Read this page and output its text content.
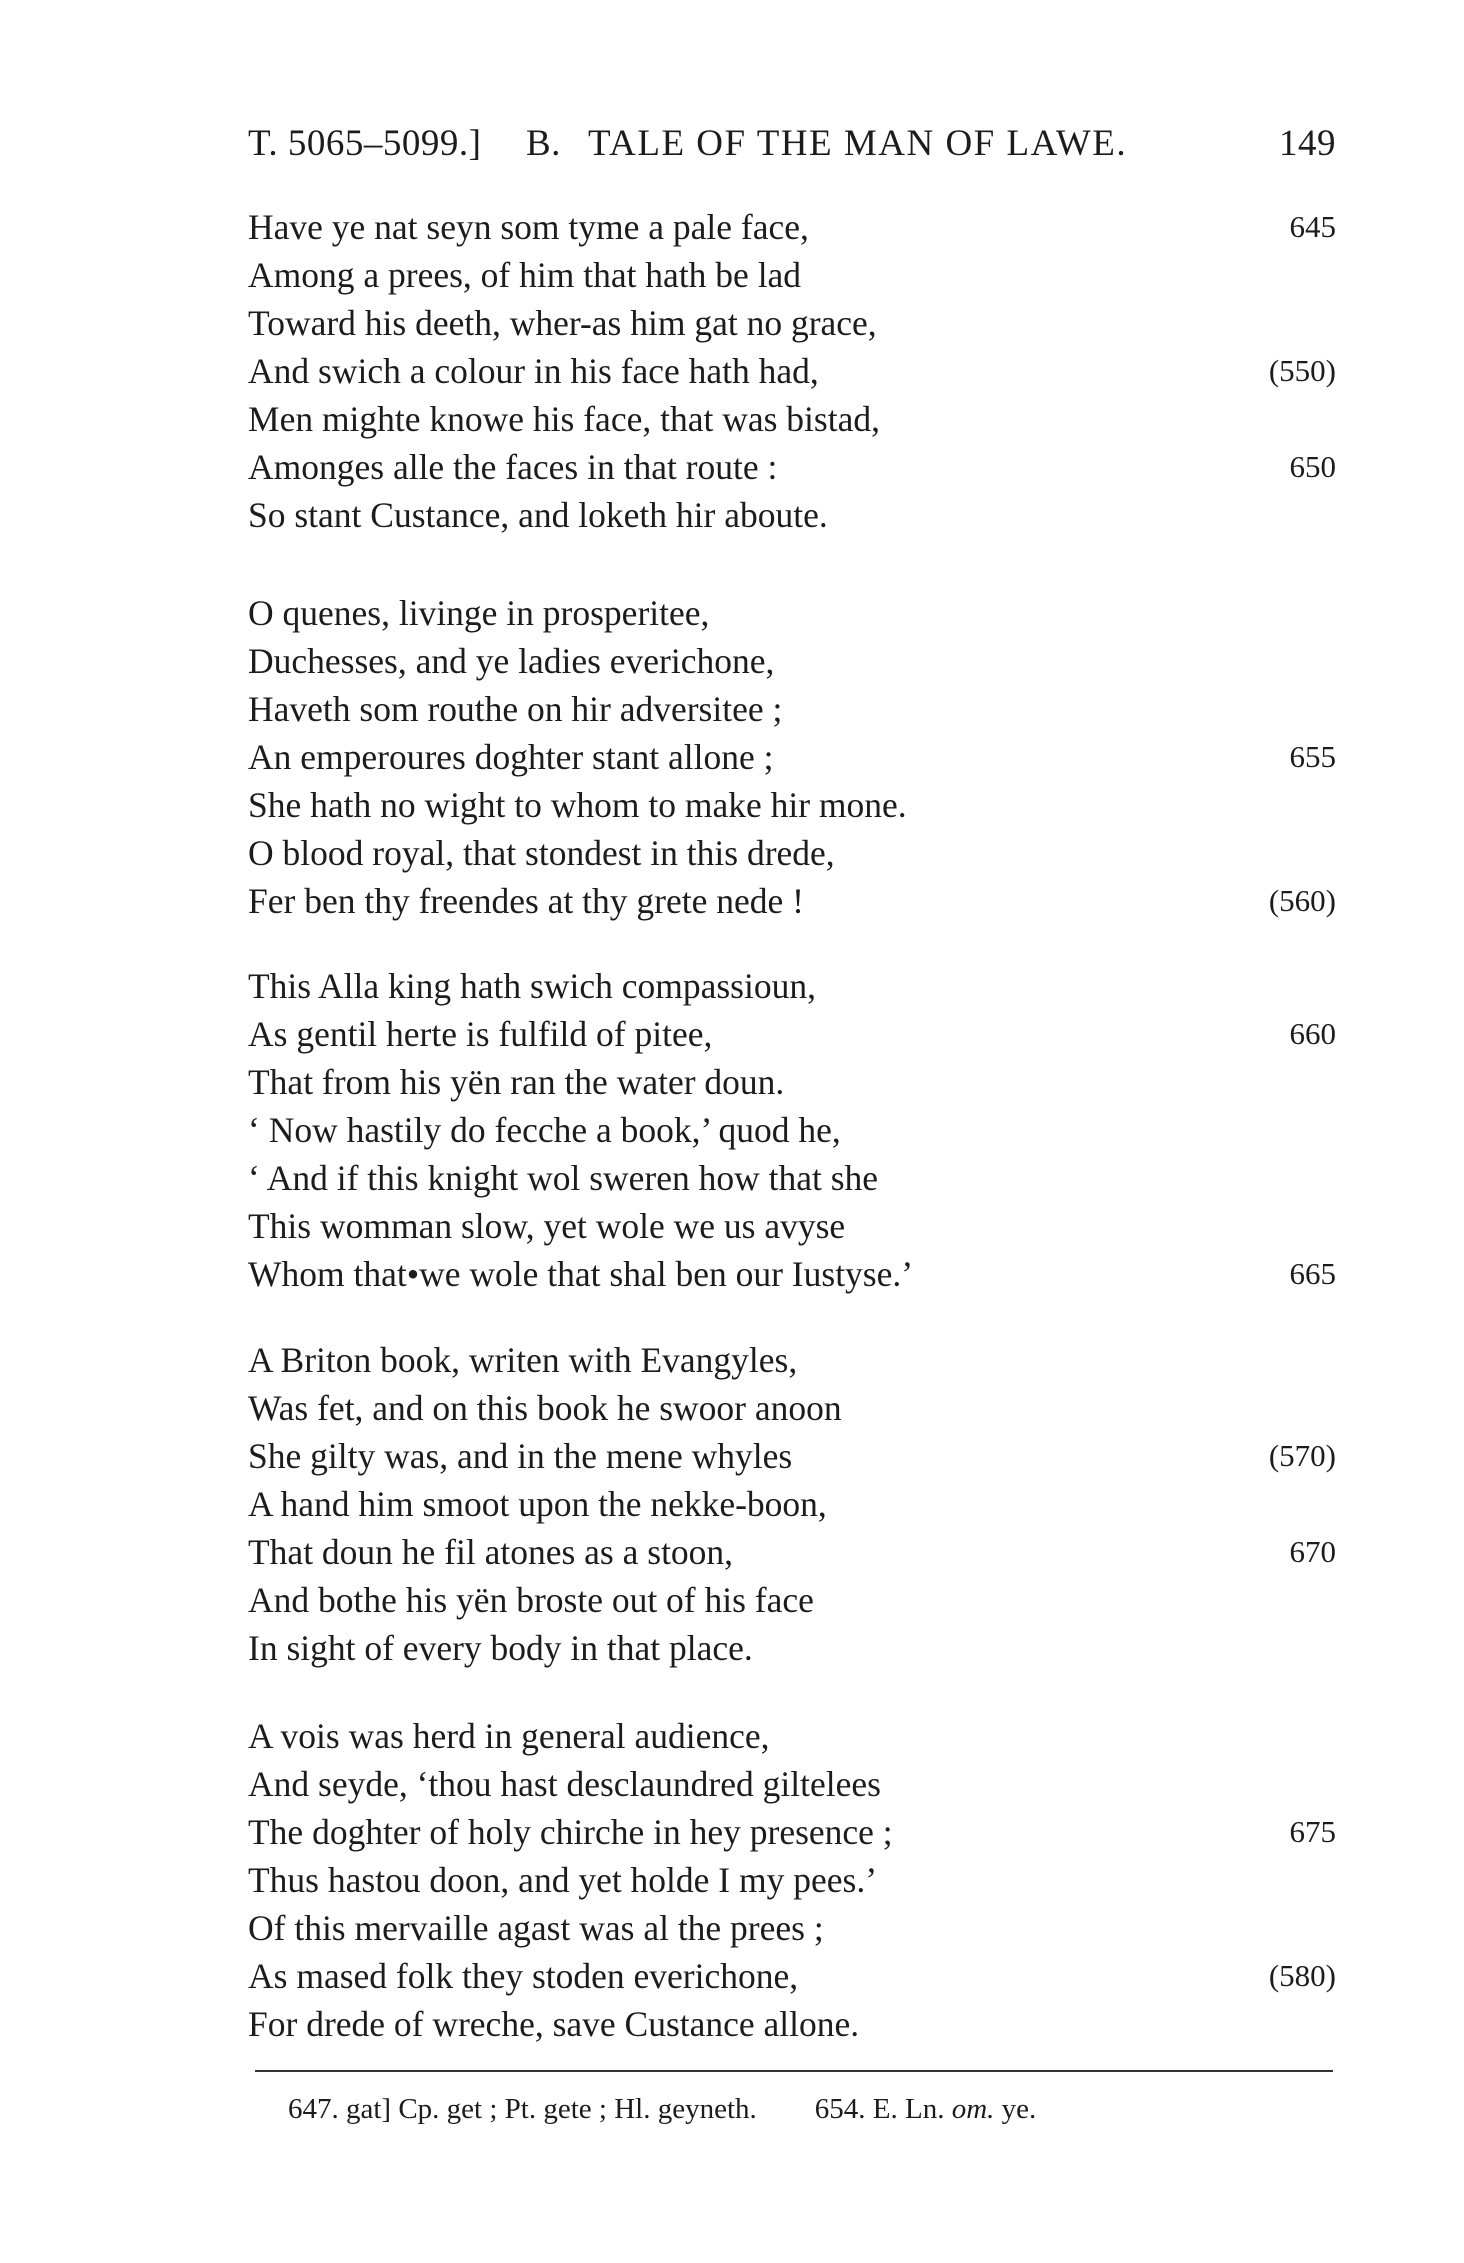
T. 5065–5099.] B. TALE OF THE MAN OF LAWE.	149
Have ye nat seyn som tyme a pale face,	645
Among a prees, of him that hath be lad
Toward his deeth, wher-as him gat no grace,
And swich a colour in his face hath had,	(550)
Men mighte knowe his face, that was bistad,
Amonges alle the faces in that route :	650
So stant Custance, and loketh hir aboute.
O quenes, livinge in prosperitee,
Duchesses, and ye ladies everichone,
Haveth som routhe on hir adversitee ;
An emperoures doghter stant allone ;	655
She hath no wight to whom to make hir mone.
O blood royal, that stondest in this drede,
Fer ben thy freendes at thy grete nede !	(560)
This Alla king hath swich compassioun,
As gentil herte is fulfild of pitee,	660
That from his yën ran the water doun.
‘ Now hastily do fecche a book,’ quod he,
‘ And if this knight wol sweren how that she
This womman slow, yet wole we us avyse
Whom that•we wole that shal ben our Iustyse.’	665
A Briton book, writen with Evangyles,
Was fet, and on this book he swoor anoon
She gilty was, and in the mene whyles	(570)
A hand him smoot upon the nekke-boon,
That doun he fil atones as a stoon,	670
And bothe his yën broste out of his face
In sight of every body in that place.
A vois was herd in general audience,
And seyde, ‘thou hast desclaundred giltelees
The doghter of holy chirche in hey presence ;	675
Thus hastou doon, and yet holde I my pees.’
Of this mervaille agast was al the prees ;
As mased folk they stoden everichone,	(580)
For drede of wreche, save Custance allone.
647. gat] Cp. get ; Pt. gete ; Hl. geyneth. 654. E. Ln. om. ye.
